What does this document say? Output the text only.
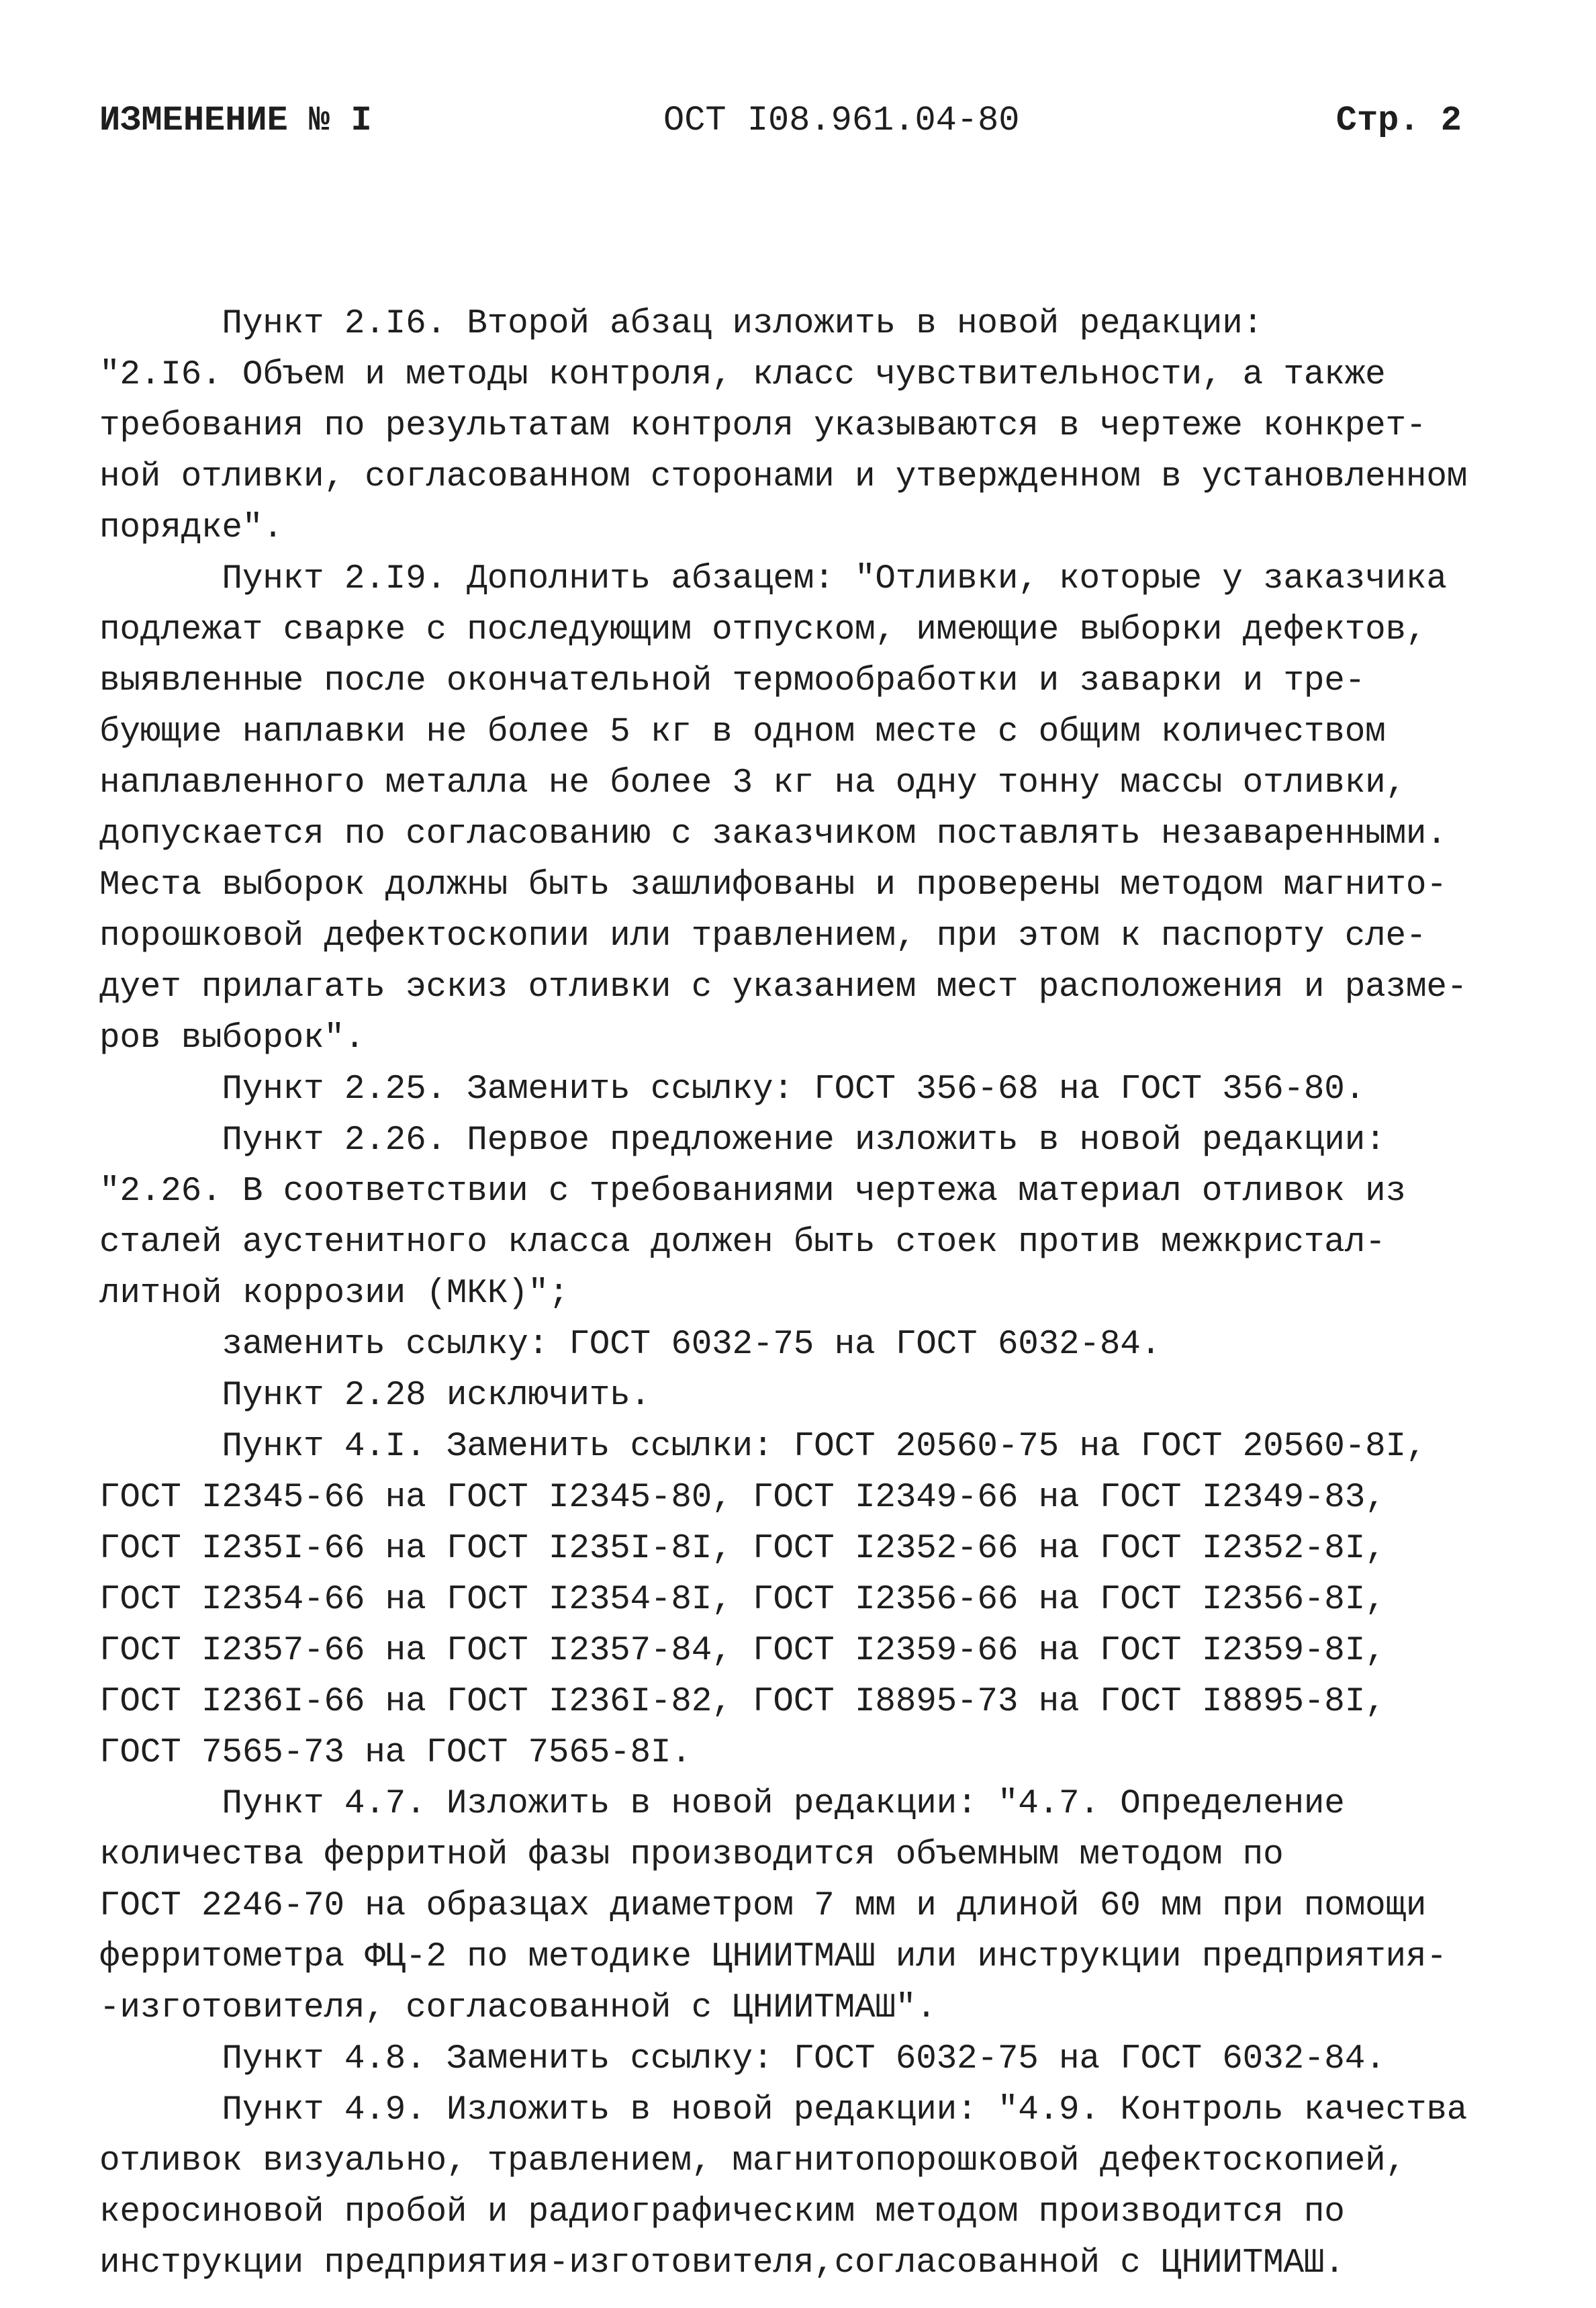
ИЗМЕНЕНИЕ № I	ОСТ I08.961.04-80	Стр. 2
Пункт 2.I6. Второй абзац изложить в новой редакции:
"2.I6. Объем и методы контроля, класс чувствительности, а также
требования по результатам контроля указываются в чертеже конкрет-
ной отливки, согласованном сторонами и утвержденном в установленном
порядке".
Пункт 2.I9. Дополнить абзацем: "Отливки, которые у заказчика
подлежат сварке с последующим отпуском, имеющие выборки дефектов,
выявленные после окончательной термообработки и заварки и тре-
бующие наплавки не более 5 кг в одном месте с общим количеством
наплавленного металла не более 3 кг на одну тонну массы отливки,
допускается по согласованию с заказчиком поставлять незаваренными.
Места выборок должны быть зашлифованы и проверены методом магнито-
порошковой дефектоскопии или травлением, при этом к паспорту сле-
дует прилагать эскиз отливки с указанием мест расположения и разме-
ров выборок".
Пункт 2.25. Заменить ссылку: ГОСТ 356-68 на ГОСТ 356-80.
Пункт 2.26. Первое предложение изложить в новой редакции:
"2.26. В соответствии с требованиями чертежа материал отливок из
сталей аустенитного класса должен быть стоек против межкристал-
литной коррозии (МКК)";
заменить ссылку: ГОСТ 6032-75 на ГОСТ 6032-84.
Пункт 2.28 исключить.
Пункт 4.I. Заменить ссылки: ГОСТ 20560-75 на ГОСТ 20560-8I,
ГОСТ I2345-66 на ГОСТ I2345-80, ГОСТ I2349-66 на ГОСТ I2349-83,
ГОСТ I235I-66 на ГОСТ I235I-8I, ГОСТ I2352-66 на ГОСТ I2352-8I,
ГОСТ I2354-66 на ГОСТ I2354-8I, ГОСТ I2356-66 на ГОСТ I2356-8I,
ГОСТ I2357-66 на ГОСТ I2357-84, ГОСТ I2359-66 на ГОСТ I2359-8I,
ГОСТ I236I-66 на ГОСТ I236I-82, ГОСТ I8895-73 на ГОСТ I8895-8I,
ГОСТ 7565-73 на ГОСТ 7565-8I.
Пункт 4.7. Изложить в новой редакции: "4.7. Определение
количества ферритной фазы производится объемным методом по
ГОСТ 2246-70 на образцах диаметром 7 мм и длиной 60 мм при помощи
ферритометра ФЦ-2 по методике ЦНИИТМАШ или инструкции предприятия-
-изготовителя, согласованной с ЦНИИТМАШ".
Пункт 4.8. Заменить ссылку: ГОСТ 6032-75 на ГОСТ 6032-84.
Пункт 4.9. Изложить в новой редакции: "4.9. Контроль качества
отливок визуально, травлением, магнитопорошковой дефектоскопией,
керосиновой пробой и радиографическим методом производится по
инструкции предприятия-изготовителя,согласованной с ЦНИИТМАШ.
